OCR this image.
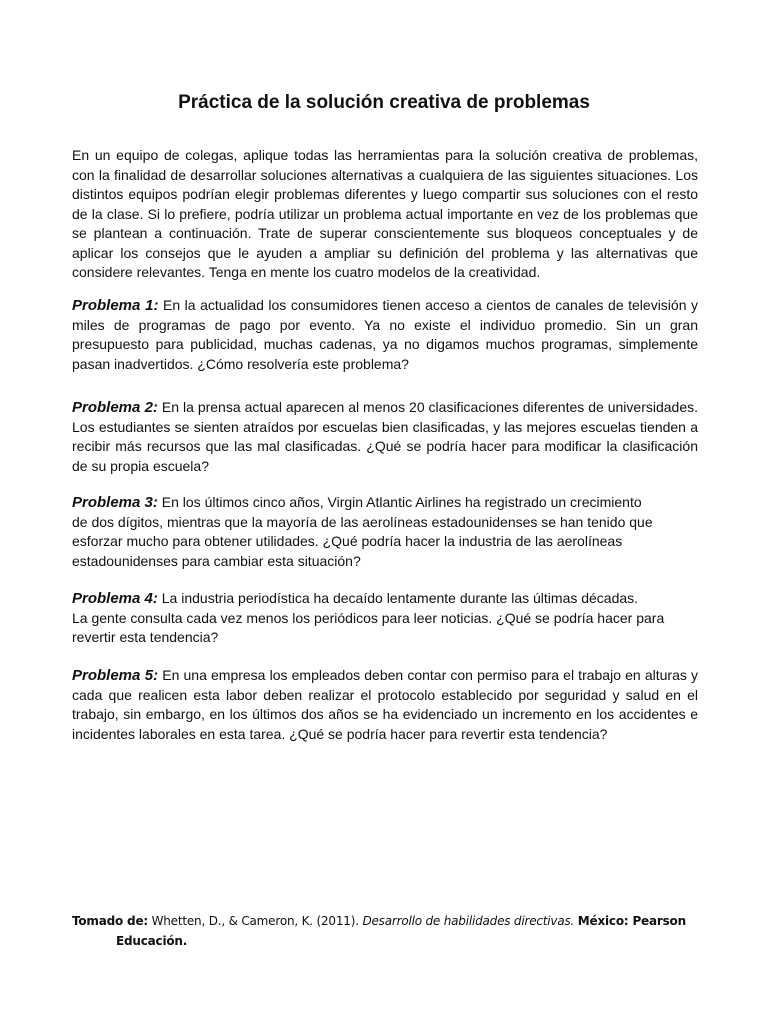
Práctica de la solución creativa de problemas
En un equipo de colegas, aplique todas las herramientas para la solución creativa de problemas, con la finalidad de desarrollar soluciones alternativas a cualquiera de las siguientes situaciones. Los distintos equipos podrían elegir problemas diferentes y luego compartir sus soluciones con el resto de la clase. Si lo prefiere, podría utilizar un problema actual importante en vez de los problemas que se plantean a continuación. Trate de superar conscientemente sus bloqueos conceptuales y de aplicar los consejos que le ayuden a ampliar su definición del problema y las alternativas que considere relevantes. Tenga en mente los cuatro modelos de la creatividad.
Problema 1: En la actualidad los consumidores tienen acceso a cientos de canales de televisión y miles de programas de pago por evento. Ya no existe el individuo promedio. Sin un gran presupuesto para publicidad, muchas cadenas, ya no digamos muchos programas, simplemente pasan inadvertidos. ¿Cómo resolvería este problema?
Problema 2: En la prensa actual aparecen al menos 20 clasificaciones diferentes de universidades. Los estudiantes se sienten atraídos por escuelas bien clasificadas, y las mejores escuelas tienden a recibir más recursos que las mal clasificadas. ¿Qué se podría hacer para modificar la clasificación de su propia escuela?
Problema 3: En los últimos cinco años, Virgin Atlantic Airlines ha registrado un crecimiento
de dos dígitos, mientras que la mayoría de las aerolíneas estadounidenses se han tenido que esforzar mucho para obtener utilidades. ¿Qué podría hacer la industria de las aerolíneas estadounidenses para cambiar esta situación?
Problema 4: La industria periodística ha decaído lentamente durante las últimas décadas.
La gente consulta cada vez menos los periódicos para leer noticias. ¿Qué se podría hacer para revertir esta tendencia?
Problema 5: En una empresa los empleados deben contar con permiso para el trabajo en alturas y cada que realicen esta labor deben realizar el protocolo establecido por seguridad y salud en el trabajo, sin embargo, en los últimos dos años se ha evidenciado un incremento en los accidentes e incidentes laborales en esta tarea. ¿Qué se podría hacer para revertir esta tendencia?
Tomado de: Whetten, D., & Cameron, K. (2011). Desarrollo de habilidades directivas. México: Pearson
Educación.
